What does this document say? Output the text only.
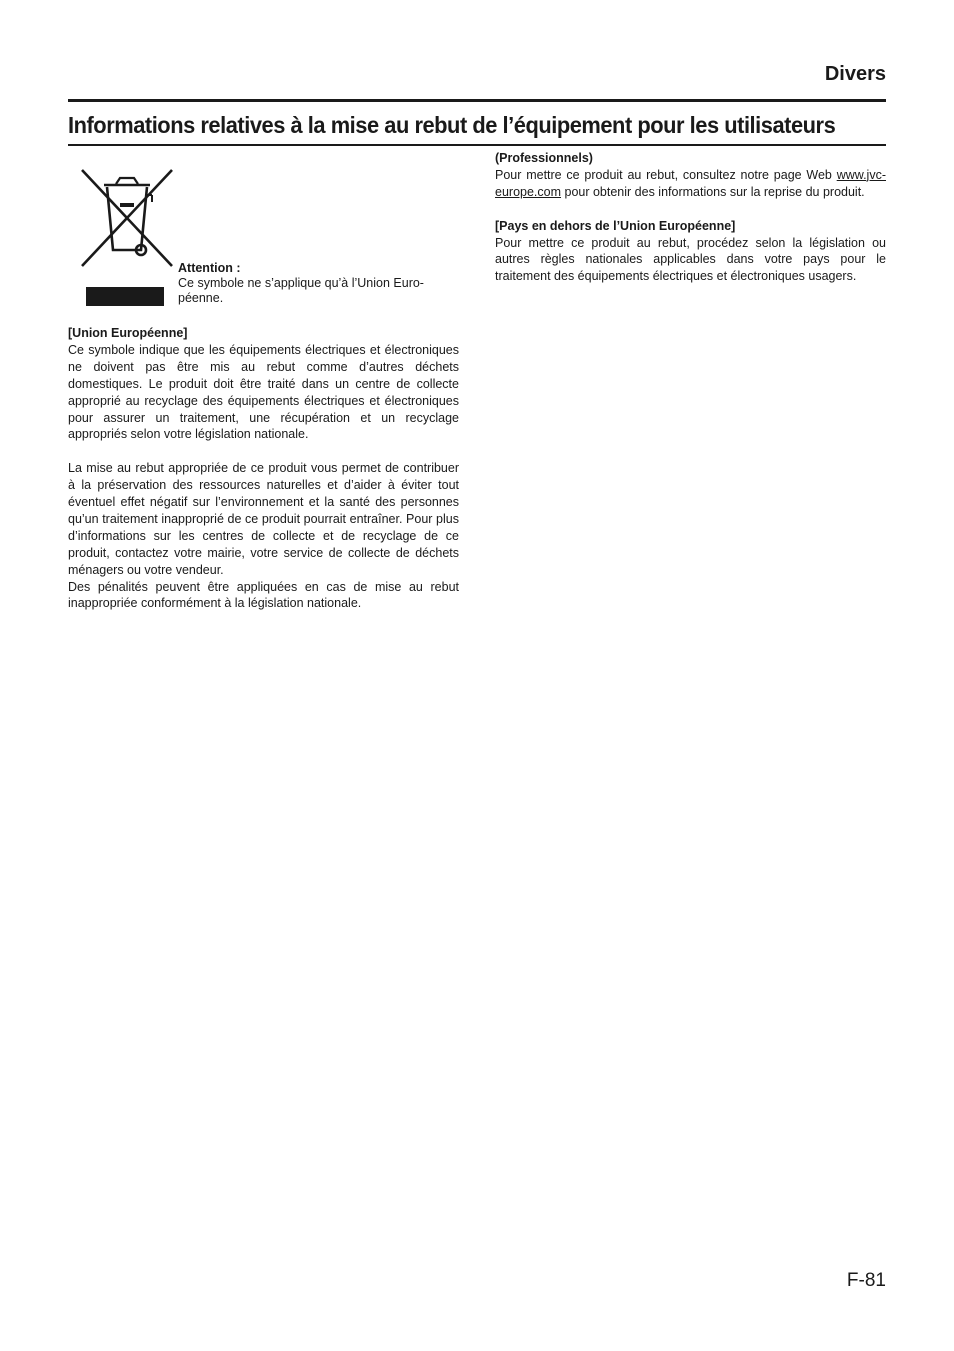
Divers
Informations relatives à la mise au rebut de l’équipement pour les utilisateurs
Attention :
Ce symbole ne s’applique qu’à l’Union Euro-
péenne.

[Union Européenne]

Ce symbole indique que les équipements électriques et électroniques ne doivent pas être mis au rebut comme d’autres déchets domestiques. Le produit doit être traité dans un centre de collecte approprié au recyclage des équipements électriques et électroniques pour assurer un traitement, une récupération et un recyclage appropriés selon votre législation nationale.

La mise au rebut appropriée de ce produit vous permet de contribuer à la préservation des ressources naturelles et d’aider à éviter tout éventuel effet négatif sur l’environnement et la santé des personnes qu’un traitement inapproprié de ce produit pourrait entraîner. Pour plus d’informations sur les centres de collecte et de recyclage de ce produit, contactez votre mairie, votre service de collecte de déchets ménagers ou votre vendeur.

Des pénalités peuvent être appliquées en cas de mise au rebut inappropriée conformément à la législation nationale.

(Professionnels)

Pour mettre ce produit au rebut, consultez notre page Web www.jvc-europe.com pour obtenir des informations sur la reprise du produit.

[Pays en dehors de l’Union Européenne]

Pour mettre ce produit au rebut, procédez selon la législation ou autres règles nationales applicables dans votre pays pour le traitement des équipements électriques et électroniques usagers.

F-81
